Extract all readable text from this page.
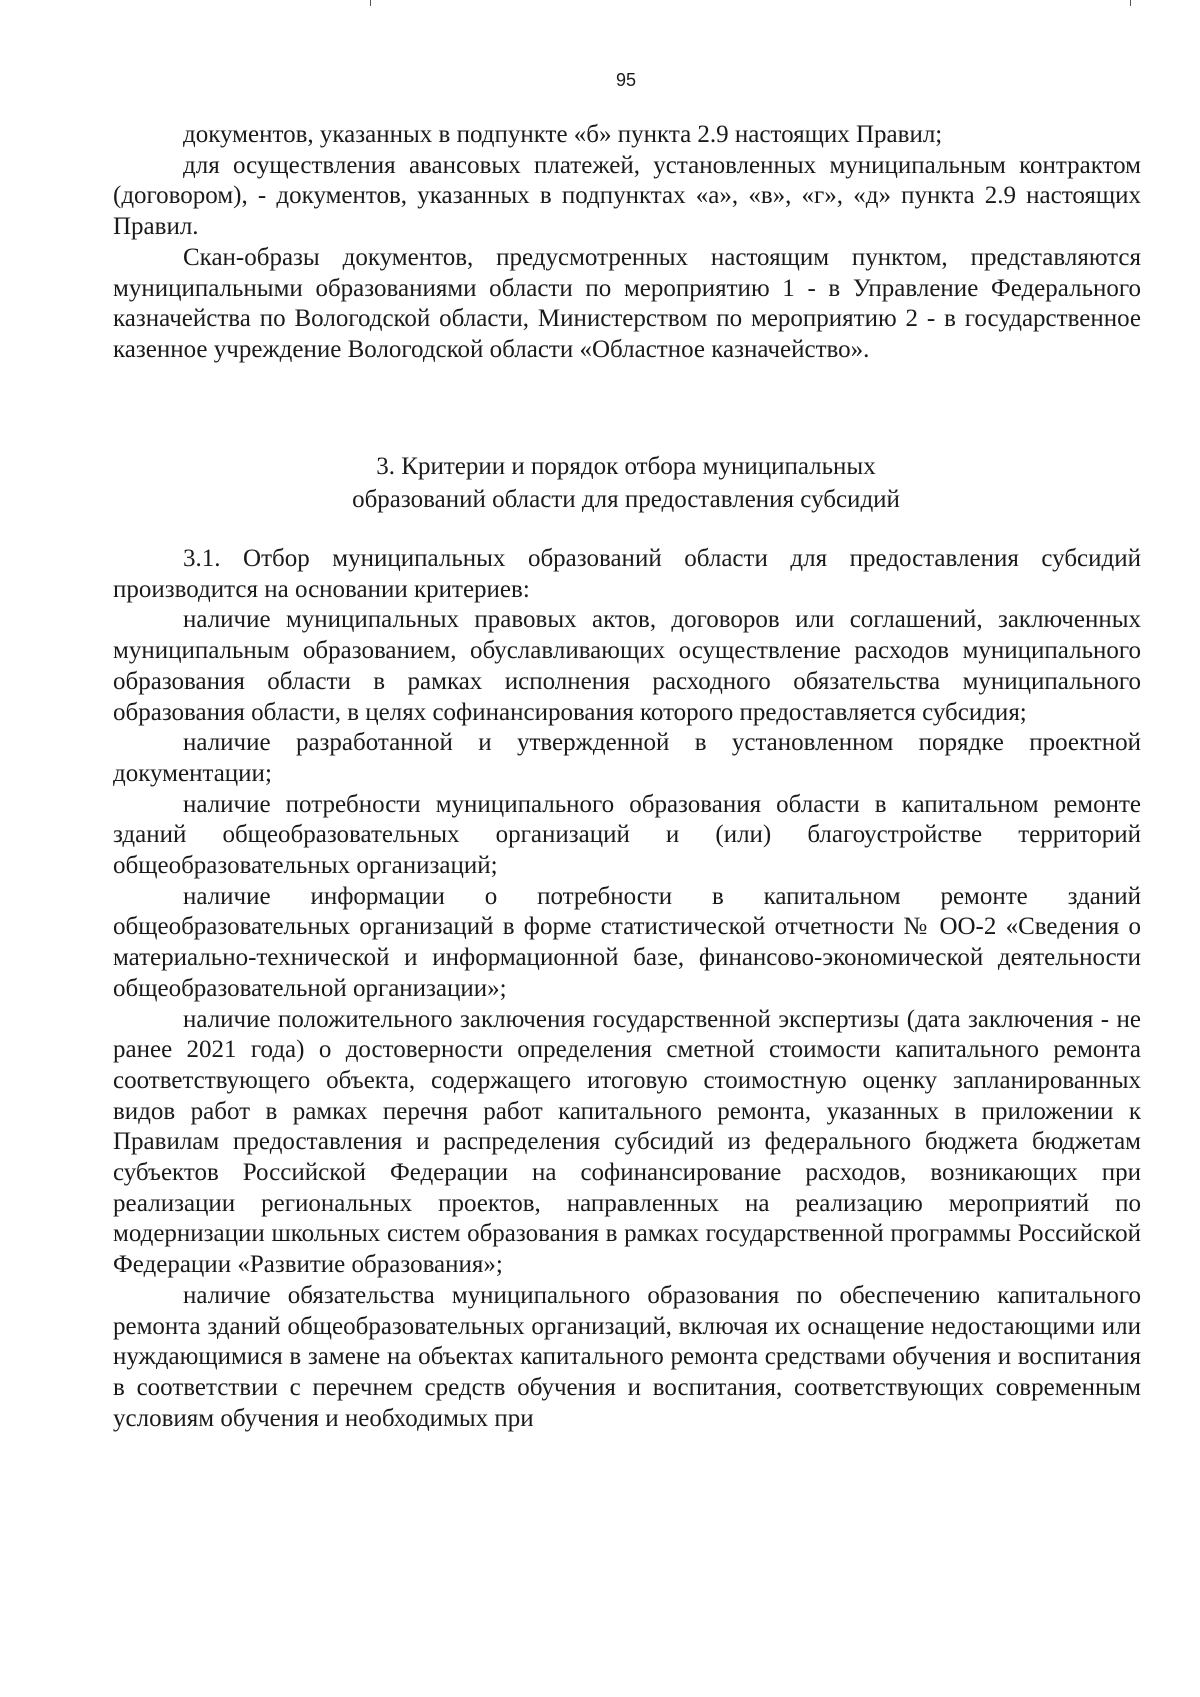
95

документов, указанных в подпункте «б» пункта 2.9 настоящих Правил;

для осуществления авансовых платежей, установленных муниципальным контрактом (договором), - документов, указанных в подпунктах «а», «в», «г», «д» пункта 2.9 настоящих Правил.

Скан-образы документов, предусмотренных настоящим пунктом, представляются муниципальными образованиями области по мероприятию 1 - в Управление Федерального казначейства по Вологодской области, Министерством по мероприятию 2 - в государственное казенное учреждение Вологодской области «Областное казначейство».

3. Критерии и порядок отбора муниципальных
образований области для предоставления субсидий

3.1. Отбор муниципальных образований области для предоставления субсидий производится на основании критериев:

наличие муниципальных правовых актов, договоров или соглашений, заключенных муниципальным образованием, обуславливающих осуществление расходов муниципального образования области в рамках исполнения расходного обязательства муниципального образования области, в целях софинансирования которого предоставляется субсидия;

наличие разработанной и утвержденной в установленном порядке проектной документации;

наличие потребности муниципального образования области в капитальном ремонте зданий общеобразовательных организаций и (или) благоустройстве территорий общеобразовательных организаций;

наличие информации о потребности в капитальном ремонте зданий общеобразовательных организаций в форме статистической отчетности № ОО-2 «Сведения о материально-технической и информационной базе, финансово-экономической деятельности общеобразовательной организации»;

наличие положительного заключения государственной экспертизы (дата заключения - не ранее 2021 года) о достоверности определения сметной стоимости капитального ремонта соответствующего объекта, содержащего итоговую стоимостную оценку запланированных видов работ в рамках перечня работ капитального ремонта, указанных в приложении к Правилам предоставления и распределения субсидий из федерального бюджета бюджетам субъектов Российской Федерации на софинансирование расходов, возникающих при реализации региональных проектов, направленных на реализацию мероприятий по модернизации школьных систем образования в рамках государственной программы Российской Федерации «Развитие образования»;

наличие обязательства муниципального образования по обеспечению капитального ремонта зданий общеобразовательных организаций, включая их оснащение недостающими или нуждающимися в замене на объектах капитального ремонта средствами обучения и воспитания в соответствии с перечнем средств обучения и воспитания, соответствующих современным условиям обучения и необходимых при
